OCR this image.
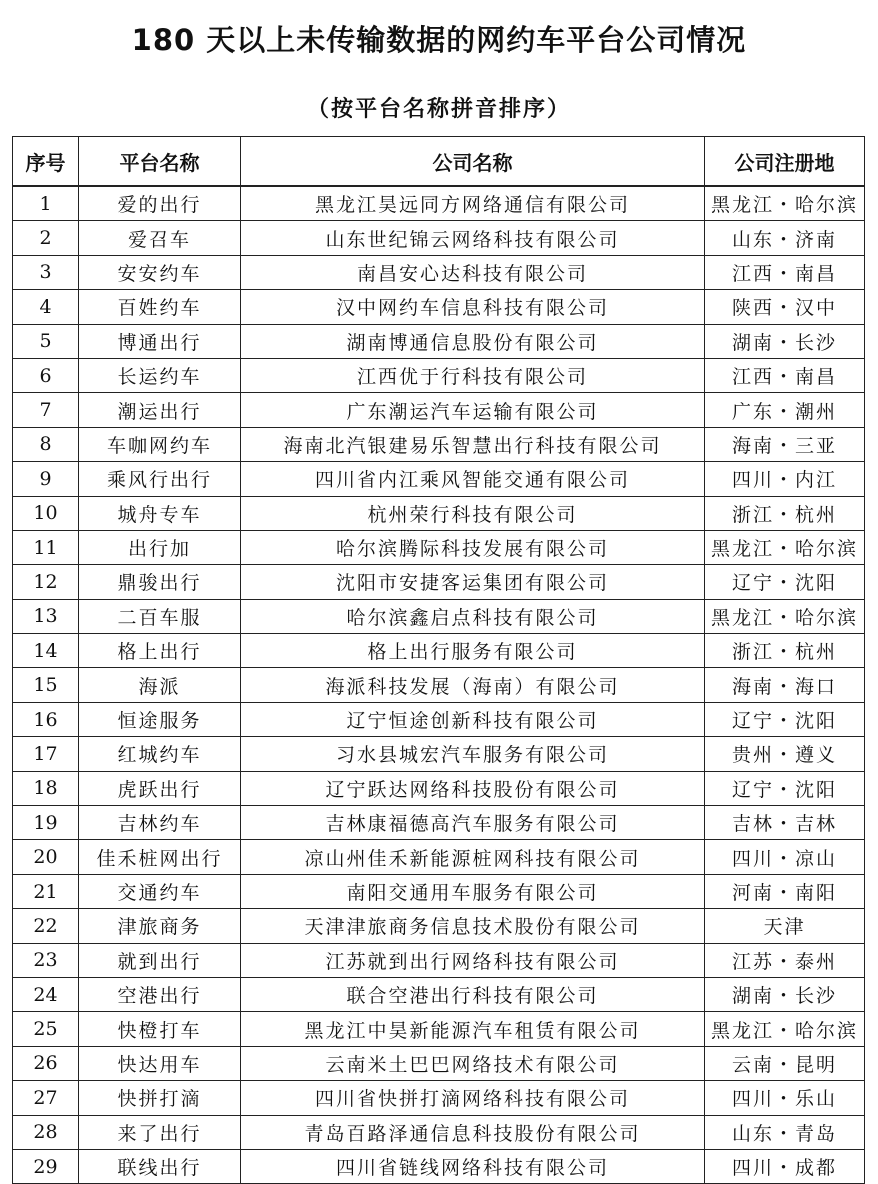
180 天以上未传输数据的网约车平台公司情况
（按平台名称拼音排序）
序号	平台名称	公司名称	公司注册地
1	爱的出行	黑龙江昊远同方网络通信有限公司	黑龙江・哈尔滨
2	爱召车	山东世纪锦云网络科技有限公司	山东・济南
3	安安约车	南昌安心达科技有限公司	江西・南昌
4	百姓约车	汉中网约车信息科技有限公司	陕西・汉中
5	博通出行	湖南博通信息股份有限公司	湖南・长沙
6	长运约车	江西优于行科技有限公司	江西・南昌
7	潮运出行	广东潮运汽车运输有限公司	广东・潮州
8	车咖网约车	海南北汽银建易乐智慧出行科技有限公司	海南・三亚
9	乘风行出行	四川省内江乘风智能交通有限公司	四川・内江
10	城舟专车	杭州荣行科技有限公司	浙江・杭州
11	出行加	哈尔滨腾际科技发展有限公司	黑龙江・哈尔滨
12	鼎骏出行	沈阳市安捷客运集团有限公司	辽宁・沈阳
13	二百车服	哈尔滨鑫启点科技有限公司	黑龙江・哈尔滨
14	格上出行	格上出行服务有限公司	浙江・杭州
15	海派	海派科技发展（海南）有限公司	海南・海口
16	恒途服务	辽宁恒途创新科技有限公司	辽宁・沈阳
17	红城约车	习水县城宏汽车服务有限公司	贵州・遵义
18	虎跃出行	辽宁跃达网络科技股份有限公司	辽宁・沈阳
19	吉林约车	吉林康福德高汽车服务有限公司	吉林・吉林
20	佳禾桩网出行	凉山州佳禾新能源桩网科技有限公司	四川・凉山
21	交通约车	南阳交通用车服务有限公司	河南・南阳
22	津旅商务	天津津旅商务信息技术股份有限公司	天津
23	就到出行	江苏就到出行网络科技有限公司	江苏・泰州
24	空港出行	联合空港出行科技有限公司	湖南・长沙
25	快橙打车	黑龙江中昊新能源汽车租赁有限公司	黑龙江・哈尔滨
26	快达用车	云南米土巴巴网络技术有限公司	云南・昆明
27	快拼打滴	四川省快拼打滴网络科技有限公司	四川・乐山
28	来了出行	青岛百路泽通信息科技股份有限公司	山东・青岛
29	联线出行	四川省链线网络科技有限公司	四川・成都
